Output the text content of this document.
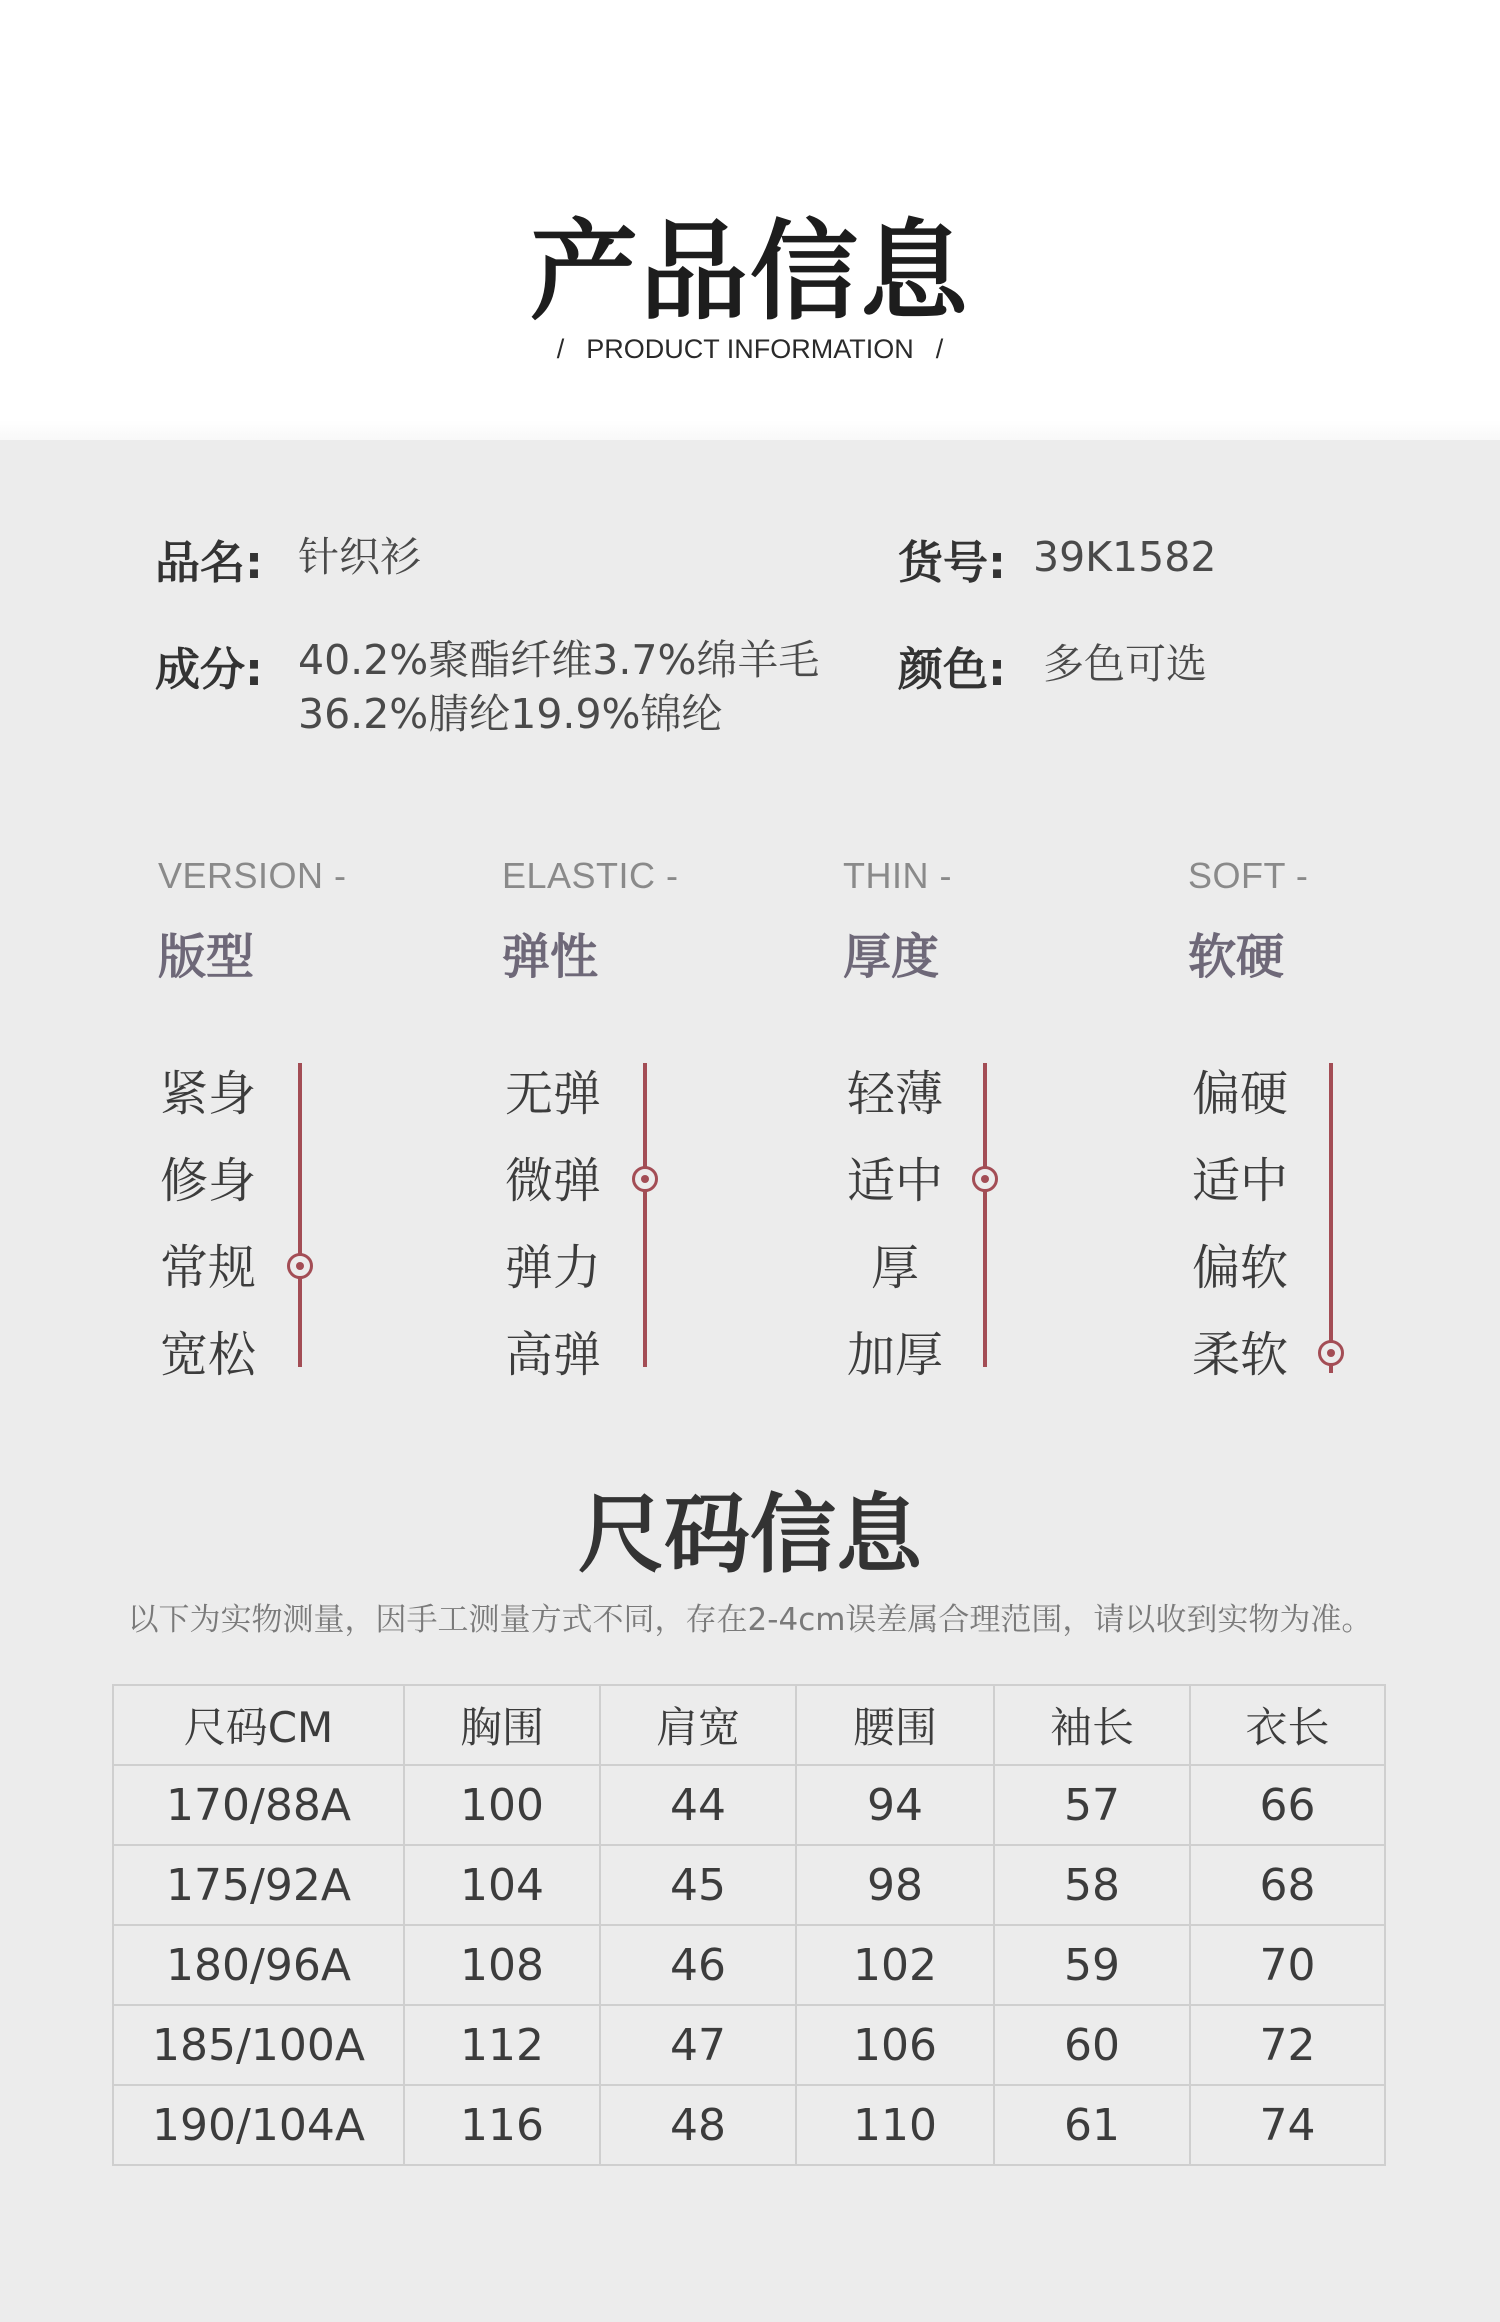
产品信息
/ PRODUCT INFORMATION /
品名: 针织衫	货号: 39K1582
成分: 40.2%聚酯纤维3.7%绵羊毛
36.2%腈纶19.9%锦纶
颜色: 多色可选
VERSION -
版型
紧身
修身
常规
宽松
ELASTIC -
弹性
无弹
微弹
弹力
高弹
THIN -
厚度
轻薄
适中
厚
加厚
SOFT -
软硬
偏硬
适中
偏软
柔软
尺码信息
以下为实物测量，因手工测量方式不同，存在2-4cm误差属合理范围，请以收到实物为准。
尺码CM	胸围	肩宽	腰围	袖长	衣长
170/88A	100	44	94	57	66
175/92A	104	45	98	58	68
180/96A	108	46	102	59	70
185/100A	112	47	106	60	72
190/104A	116	48	110	61	74
